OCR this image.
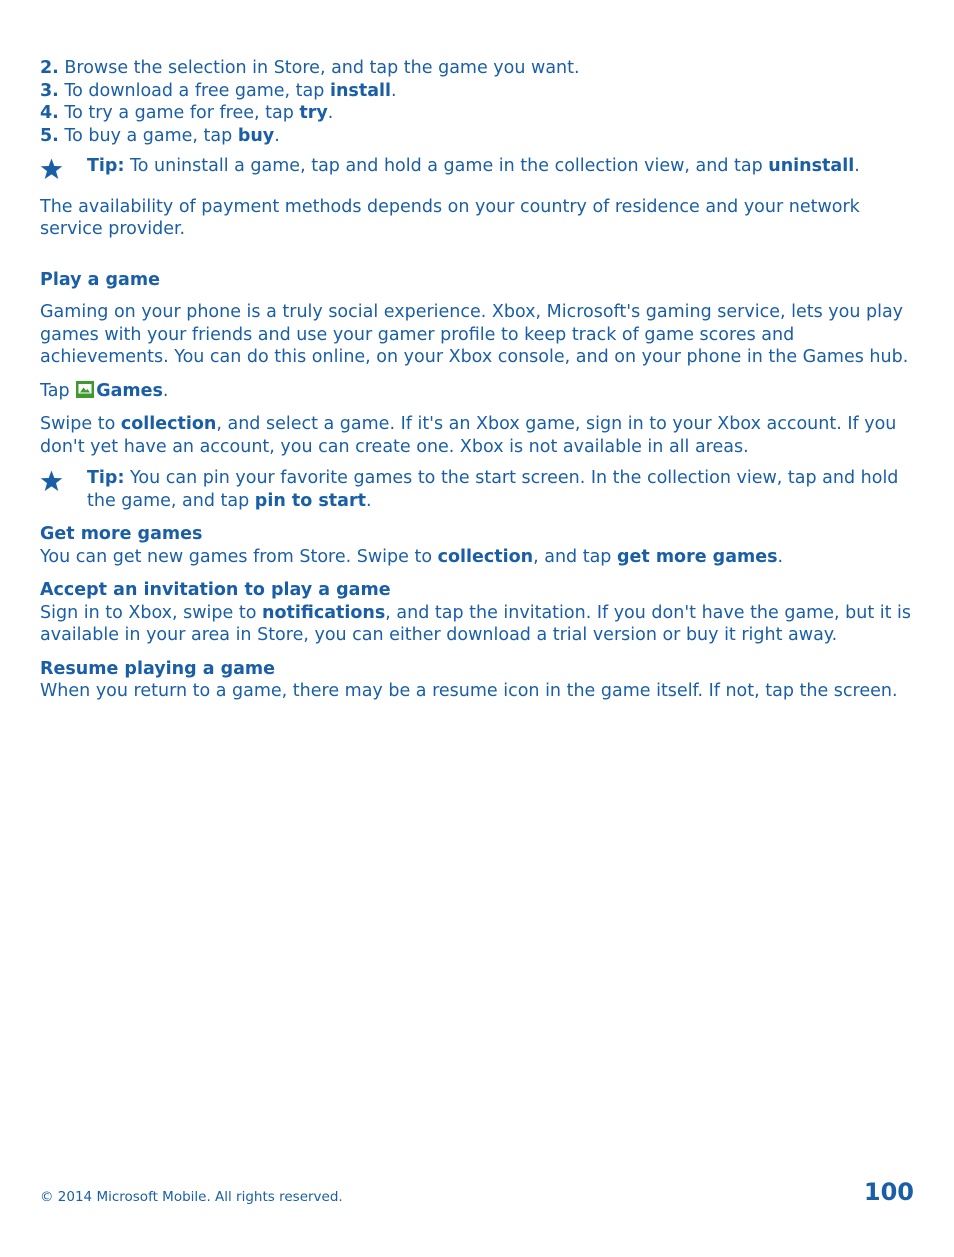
2. Browse the selection in Store, and tap the game you want.

3. To download a free game, tap install.

4. To try a game for free, tap try.

5. To buy a game, tap buy.

Tip: To uninstall a game, tap and hold a game in the collection view, and tap uninstall.

The availability of payment methods depends on your country of residence and your network service provider.

Play a game

Gaming on your phone is a truly social experience. Xbox, Microsoft's gaming service, lets you play games with your friends and use your gamer profile to keep track of game scores and achievements. You can do this online, on your Xbox console, and on your phone in the Games hub.

Tap Games.

Swipe to collection, and select a game. If it's an Xbox game, sign in to your Xbox account. If you don't yet have an account, you can create one. Xbox is not available in all areas.

Tip: You can pin your favorite games to the start screen. In the collection view, tap and hold the game, and tap pin to start.

Get more games

You can get new games from Store. Swipe to collection, and tap get more games.

Accept an invitation to play a game

Sign in to Xbox, swipe to notifications, and tap the invitation. If you don't have the game, but it is available in your area in Store, you can either download a trial version or buy it right away.

Resume playing a game

When you return to a game, there may be a resume icon in the game itself. If not, tap the screen.

© 2014 Microsoft Mobile. All rights reserved.	100
